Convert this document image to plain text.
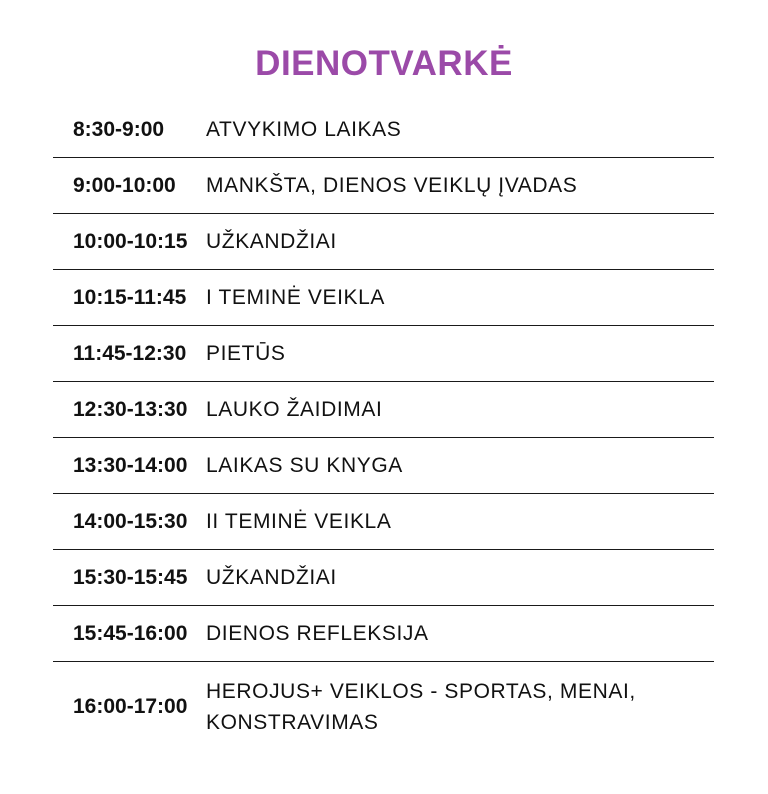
DIENOTVARKĖ
8:30-9:00	ATVYKIMO LAIKAS
9:00-10:00	MANKŠTA, DIENOS VEIKLŲ ĮVADAS
10:00-10:15 UŽKANDŽIAI
10:15-11:45 I TEMINĖ VEIKLA
11:45-12:30 PIETŪS
12:30-13:30 LAUKO ŽAIDIMAI
13:30-14:00 LAIKAS SU KNYGA
14:00-15:30 II TEMINĖ VEIKLA
15:30-15:45 UŽKANDŽIAI
15:45-16:00 DIENOS REFLEKSIJA
16:00-17:00
HEROJUS+ VEIKLOS - SPORTAS, MENAI, KONSTRAVIMAS
